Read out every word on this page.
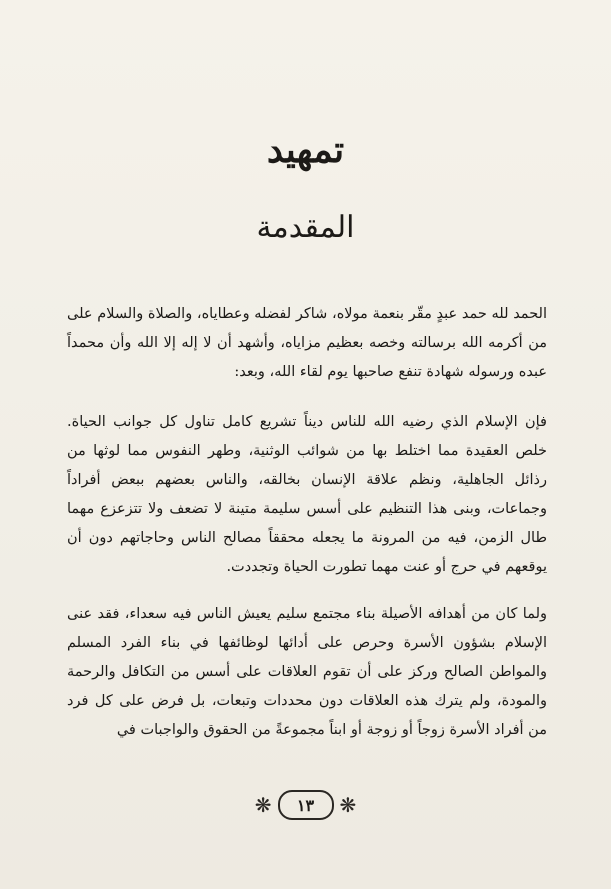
تمهيد
المقدمة

الحمد لله حمد عبدٍ مقّر بنعمة مولاه، شاكر لفضله وعطاياه، والصلاة والسلام على من أكرمه الله برسالته وخصه بعظيم مزاياه، وأشهد أن لا إله إلا الله وأن محمداً عبده ورسوله شهادة تنفع صاحبها يوم لقاء الله، وبعد:

فإن الإسلام الذي رضيه الله للناس ديناً تشريع كامل تناول كل جوانب الحياة. خلص العقيدة مما اختلط بها من شوائب الوثنية، وطهر النفوس مما لوثها من رذائل الجاهلية، ونظم علاقة الإنسان بخالقه، والناس بعضهم ببعض أفراداً وجماعات، وبنى هذا التنظيم على أسس سليمة متينة لا تضعف ولا تتزعزع مهما طال الزمن، فيه من المرونة ما يجعله محققاً مصالح الناس وحاجاتهم دون أن يوقعهم في حرج أو عنت مهما تطورت الحياة وتجددت.

ولما كان من أهدافه الأصيلة بناء مجتمع سليم يعيش الناس فيه سعداء، فقد عنى الإسلام بشؤون الأسرة وحرص على أدائها لوظائفها في بناء الفرد المسلم والمواطن الصالح وركز على أن تقوم العلاقات على أسس من التكافل والرحمة والمودة، ولم يترك هذه العلاقات دون محددات وتبعات، بل فرض على كل فرد من أفراد الأسرة زوجاً أو زوجة أو ابناً مجموعةً من الحقوق والواجبات في

❋	١٣	❋
